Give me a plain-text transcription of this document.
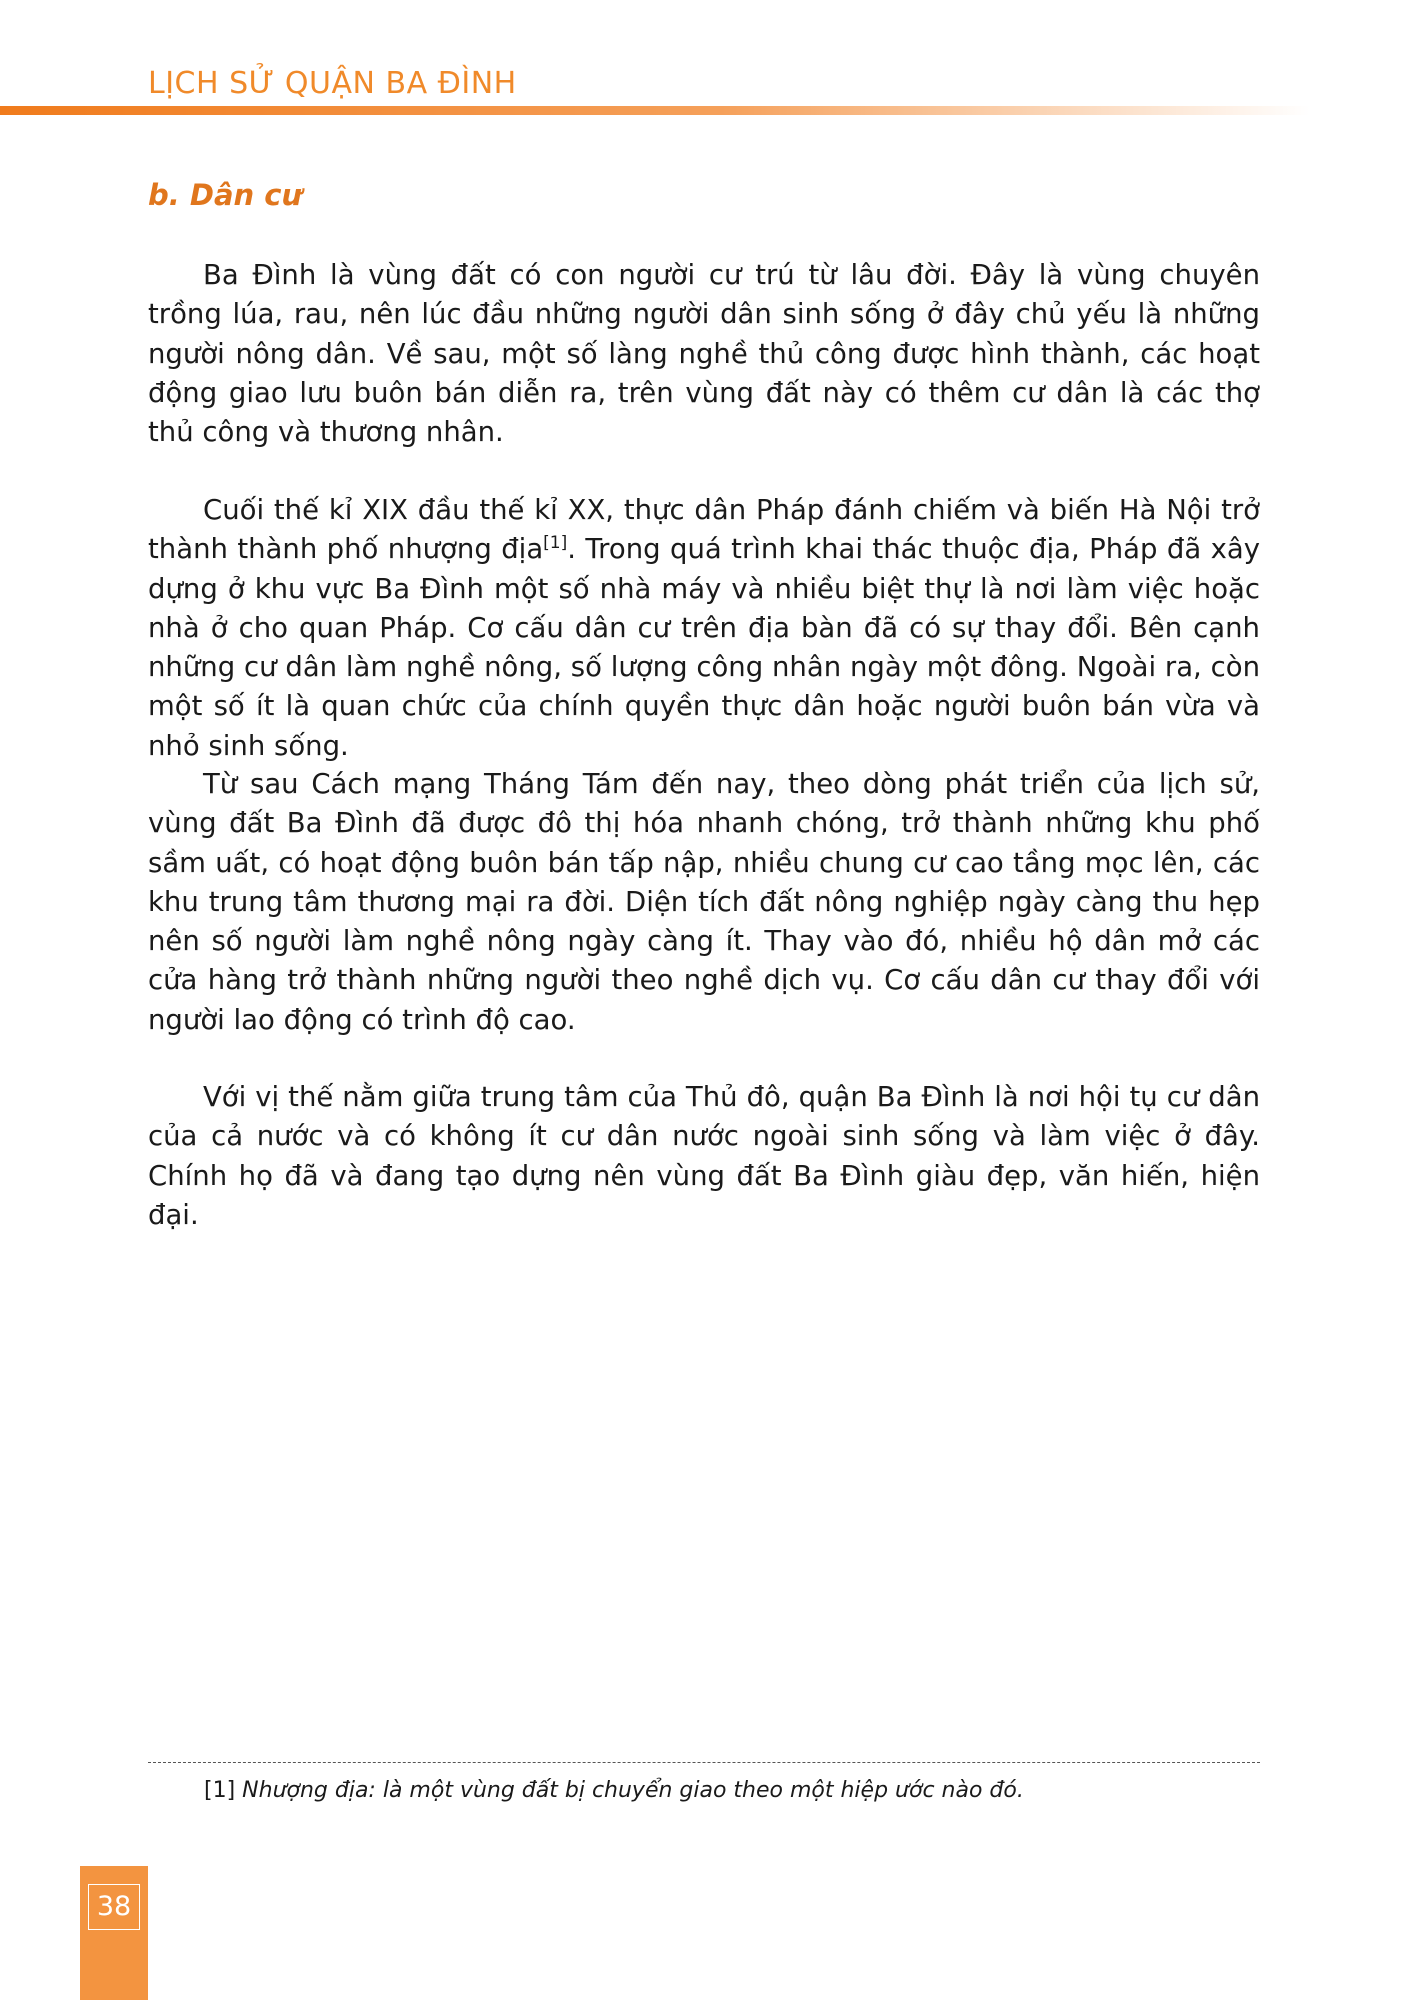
LỊCH SỬ QUẬN BA ĐÌNH
b. Dân cư

Ba Đình là vùng đất có con người cư trú từ lâu đời. Đây là vùng chuyên trồng lúa, rau, nên lúc đầu những người dân sinh sống ở đây chủ yếu là những người nông dân. Về sau, một số làng nghề thủ công được hình thành, các hoạt động giao lưu buôn bán diễn ra, trên vùng đất này có thêm cư dân là các thợ thủ công và thương nhân.

Cuối thế kỉ XIX đầu thế kỉ XX, thực dân Pháp đánh chiếm và biến Hà Nội trở thành thành phố nhượng địa[1]. Trong quá trình khai thác thuộc địa, Pháp đã xây dựng ở khu vực Ba Đình một số nhà máy và nhiều biệt thự là nơi làm việc hoặc nhà ở cho quan Pháp. Cơ cấu dân cư trên địa bàn đã có sự thay đổi. Bên cạnh những cư dân làm nghề nông, số lượng công nhân ngày một đông. Ngoài ra, còn một số ít là quan chức của chính quyền thực dân hoặc người buôn bán vừa và nhỏ sinh sống.

Từ sau Cách mạng Tháng Tám đến nay, theo dòng phát triển của lịch sử, vùng đất Ba Đình đã được đô thị hóa nhanh chóng, trở thành những khu phố sầm uất, có hoạt động buôn bán tấp nập, nhiều chung cư cao tầng mọc lên, các khu trung tâm thương mại ra đời. Diện tích đất nông nghiệp ngày càng thu hẹp nên số người làm nghề nông ngày càng ít. Thay vào đó, nhiều hộ dân mở các cửa hàng trở thành những người theo nghề dịch vụ. Cơ cấu dân cư thay đổi với người lao động có trình độ cao.

Với vị thế nằm giữa trung tâm của Thủ đô, quận Ba Đình là nơi hội tụ cư dân của cả nước và có không ít cư dân nước ngoài sinh sống và làm việc ở đây. Chính họ đã và đang tạo dựng nên vùng đất Ba Đình giàu đẹp, văn hiến, hiện đại.

[1] Nhượng địa: là một vùng đất bị chuyển giao theo một hiệp ước nào đó.
38
